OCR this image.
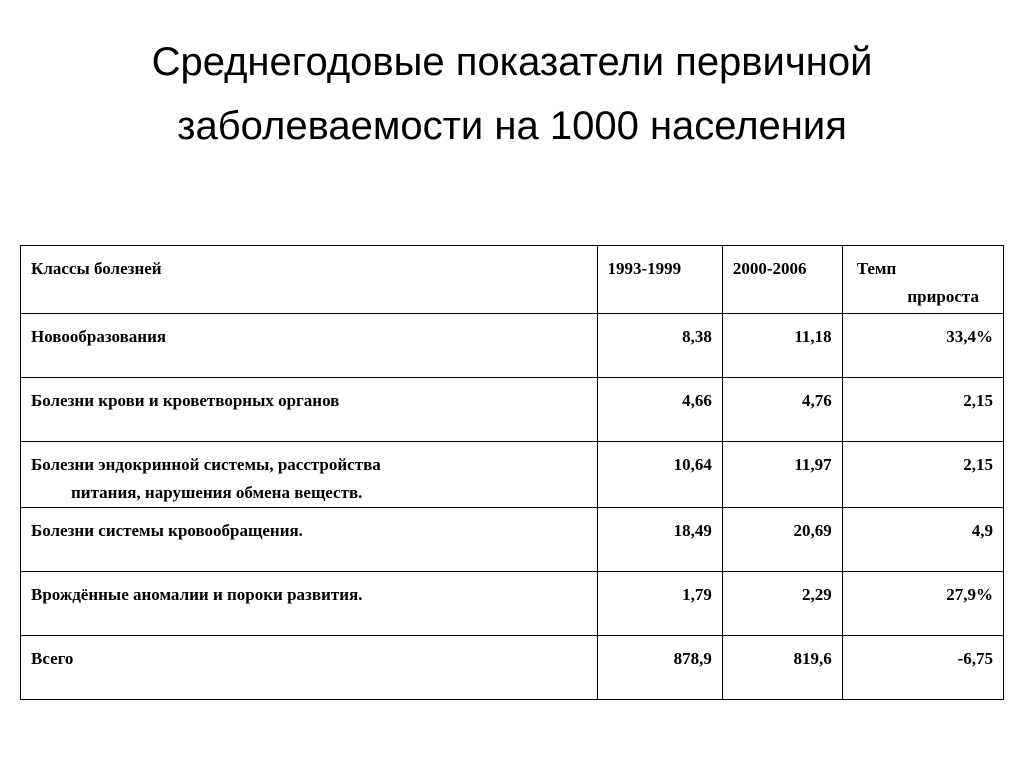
Среднегодовые показатели первичной
заболеваемости на 1000 населения
Классы болезней	1993-1999	2000-2006	Темп
прироста

Новообразования	8,38	11,18	33,4%
Болезни крови и кроветворных органов	4,66	4,76	2,15
Болезни эндокринной системы, расстройства
питания, нарушения обмена веществ.	10,64	11,97	2,15
Болезни системы кровообращения.	18,49	20,69	4,9
Врождённые аномалии и пороки развития.	1,79	2,29	27,9%
Всего	878,9	819,6	-6,75
